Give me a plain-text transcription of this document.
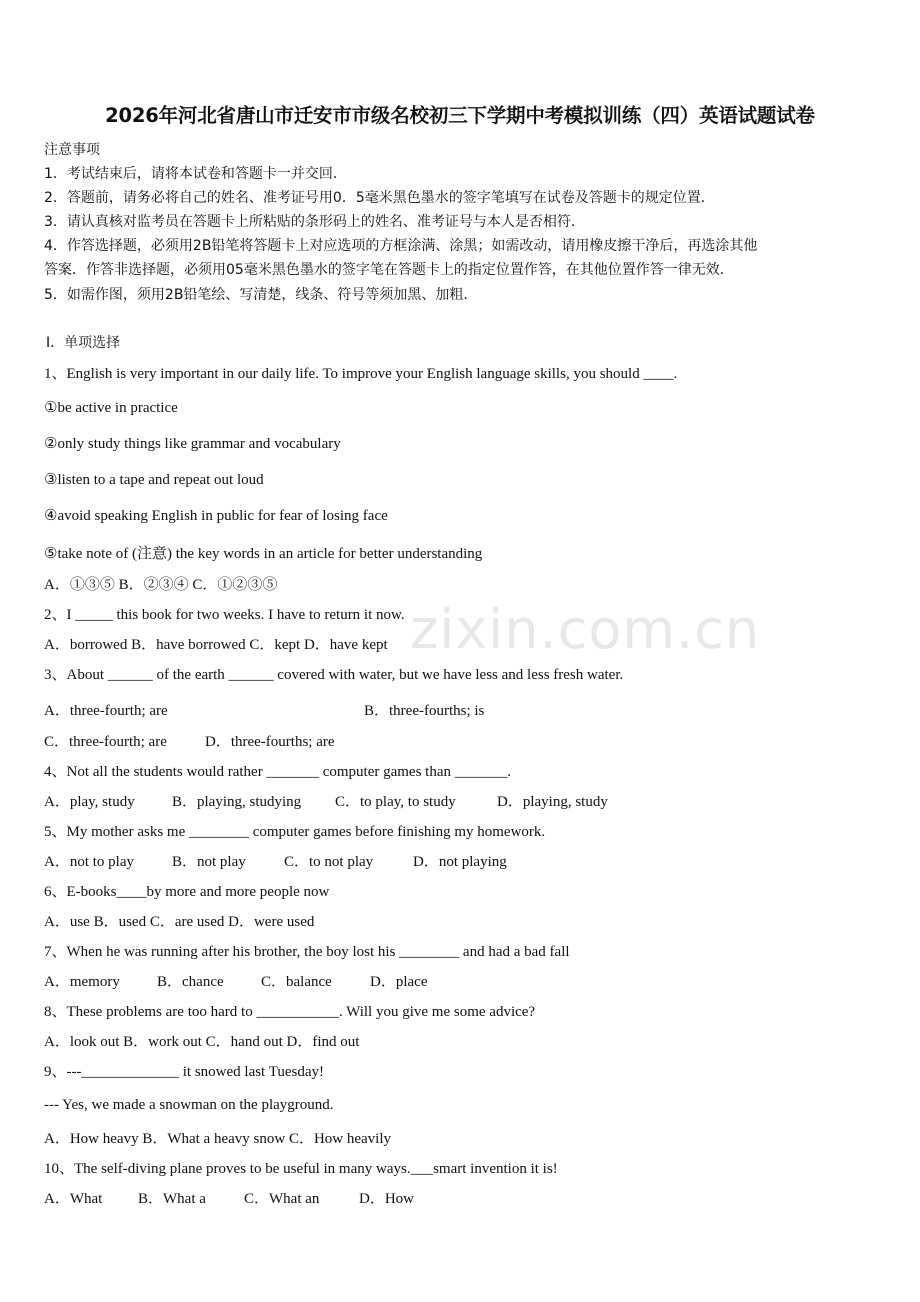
2026年河北省唐山市迁安市市级名校初三下学期中考模拟训练（四）英语试题试卷
注意事项
1．考试结束后，请将本试卷和答题卡一并交回．
2．答题前，请务必将自己的姓名、准考证号用0．5毫米黑色墨水的签字笔填写在试卷及答题卡的规定位置．
3．请认真核对监考员在答题卡上所粘贴的条形码上的姓名、准考证号与本人是否相符．
4．作答选择题，必须用2B铅笔将答题卡上对应选项的方框涂满、涂黑；如需改动，请用橡皮擦干净后，再选涂其他
答案．作答非选择题，必须用05毫米黑色墨水的签字笔在答题卡上的指定位置作答，在其他位置作答一律无效．
5．如需作图，须用2B铅笔绘、写清楚，线条、符号等须加黑、加粗．
Ⅰ．单项选择
1、English is very important in our daily life. To improve your English language skills, you should ____.
①be active in practice
②only study things like grammar and vocabulary
③listen to a tape and repeat out loud
④avoid speaking English in public for fear of losing face
⑤take note of (注意) the key words in an article for better understanding
A．①③⑤ B．②③④ C．①②③⑤
2、I _____ this book for two weeks. I have to return it now.
A．borrowed B．have borrowed C．kept D．have kept
3、About ______ of the earth ______ covered with water, but we have less and less fresh water.
A．three-fourth; are	B．three-fourths; is
C．three-fourth; are	D．three-fourths; are
4、Not all the students would rather _______ computer games than _______.
A．play, study B．playing, studying C．to play, to study	D．playing, study
5、My mother asks me ________ computer games before finishing my homework.
A．not to play	B．not play	C．to not play	D．not playing
6、E-books____by more and more people now
A．use B．used C．are used D．were used
7、When he was running after his brother, the boy lost his ________ and had a bad fall
A．memory B．chance C．balance	D．place
8、These problems are too hard to ___________. Will you give me some advice?
A．look out B．work out C．hand out D．find out
9、---_____________ it snowed last Tuesday!
--- Yes, we made a snowman on the playground.
A．How heavy B．What a heavy snow C．How heavily
10、The self-diving plane proves to be useful in many ways.___smart invention it is!
A．What B．What a	C．What an	D．How
zixin.com.cn
